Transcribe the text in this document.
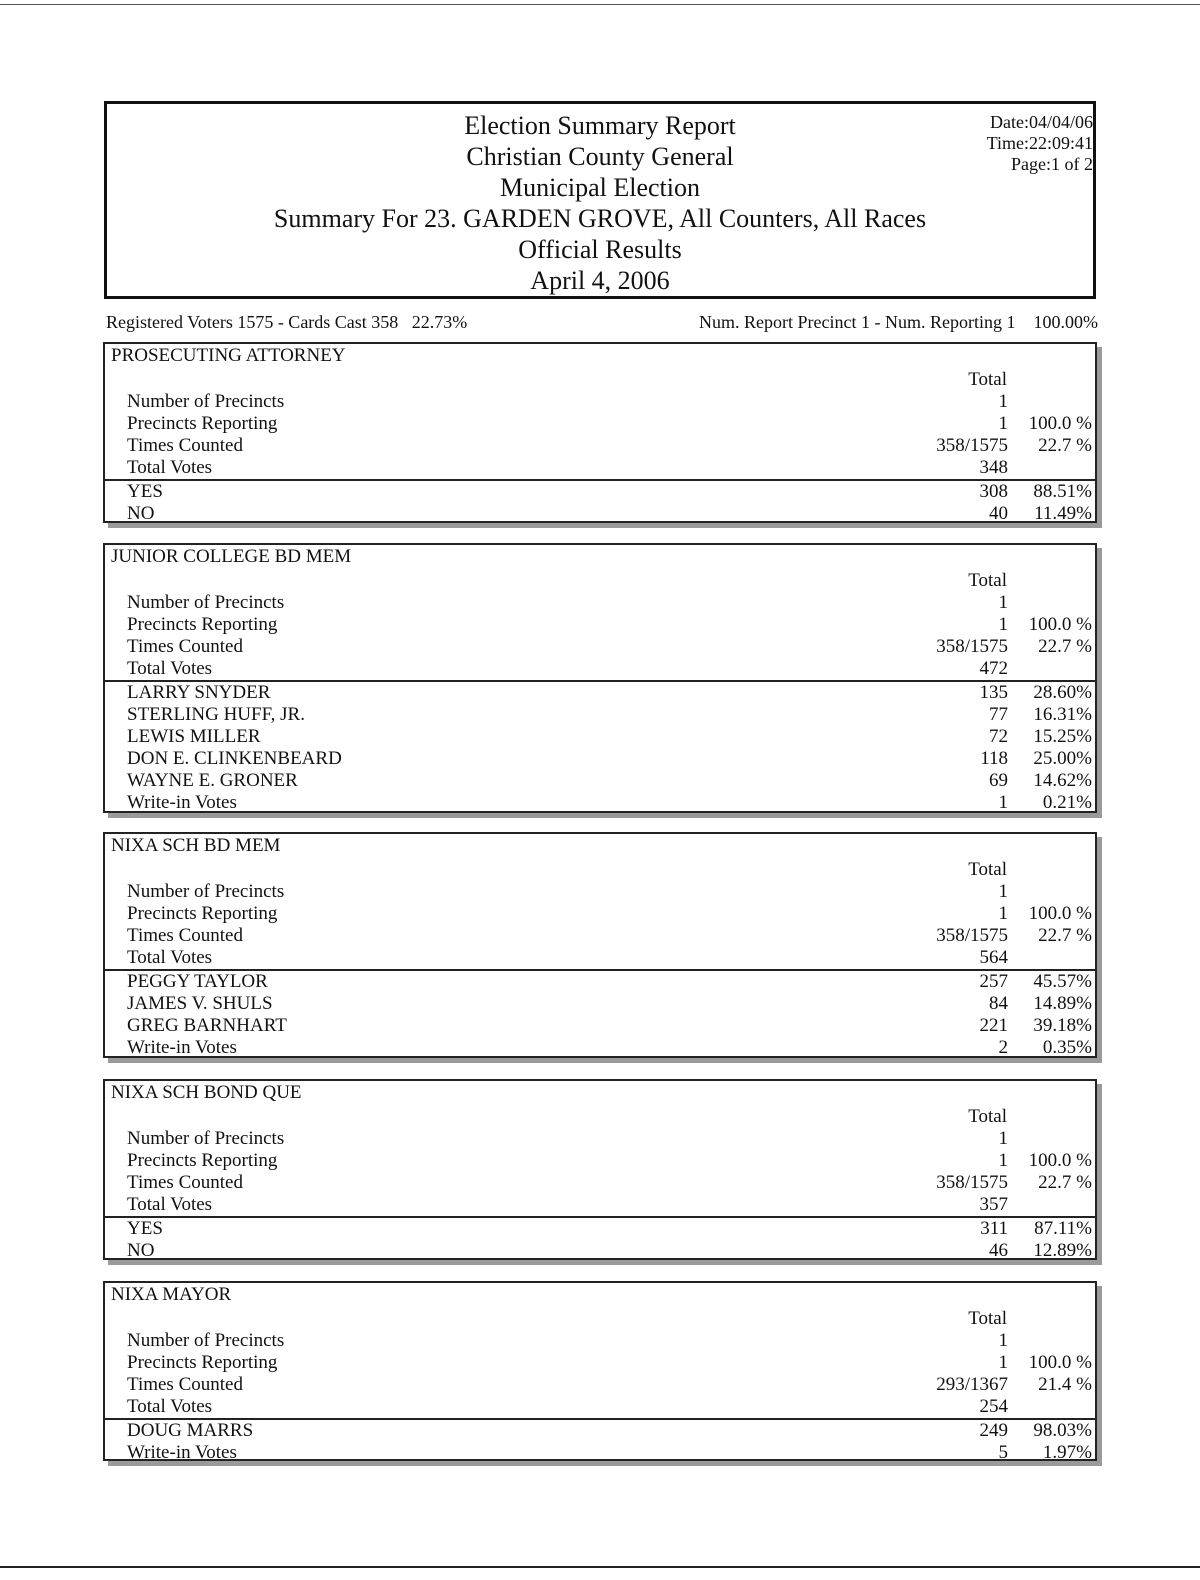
Election Summary Report
Christian County General
Municipal Election
Summary For 23. GARDEN GROVE, All Counters, All Races
Official Results
April 4, 2006
Date:04/04/06
Time:22:09:41
Page:1 of 2
Registered Voters 1575 - Cards Cast 358   22.73%	Num. Report Precinct 1 - Num. Reporting 1    100.00%
PROSECUTING ATTORNEY
Total
Number of Precincts	1
Precincts Reporting	1 100.0 %
Times Counted	358/1575 22.7 %
Total Votes	348
YES	308 88.51%
NO	40 11.49%
JUNIOR COLLEGE BD MEM
Total
Number of Precincts	1
Precincts Reporting	1 100.0 %
Times Counted	358/1575 22.7 %
Total Votes	472
LARRY SNYDER	135 28.60%
STERLING HUFF, JR.	77 16.31%
LEWIS MILLER	72 15.25%
DON E. CLINKENBEARD	118 25.00%
WAYNE E. GRONER	69 14.62%
Write-in Votes	1 0.21%
NIXA SCH BD MEM
Total
Number of Precincts	1
Precincts Reporting	1 100.0 %
Times Counted	358/1575 22.7 %
Total Votes	564
PEGGY TAYLOR	257 45.57%
JAMES V. SHULS	84 14.89%
GREG BARNHART	221 39.18%
Write-in Votes	2 0.35%
NIXA SCH BOND QUE
Total
Number of Precincts	1
Precincts Reporting	1 100.0 %
Times Counted	358/1575 22.7 %
Total Votes	357
YES	311 87.11%
NO	46 12.89%
NIXA MAYOR
Total
Number of Precincts	1
Precincts Reporting	1 100.0 %
Times Counted	293/1367 21.4 %
Total Votes	254
DOUG MARRS	249 98.03%
Write-in Votes	5 1.97%
